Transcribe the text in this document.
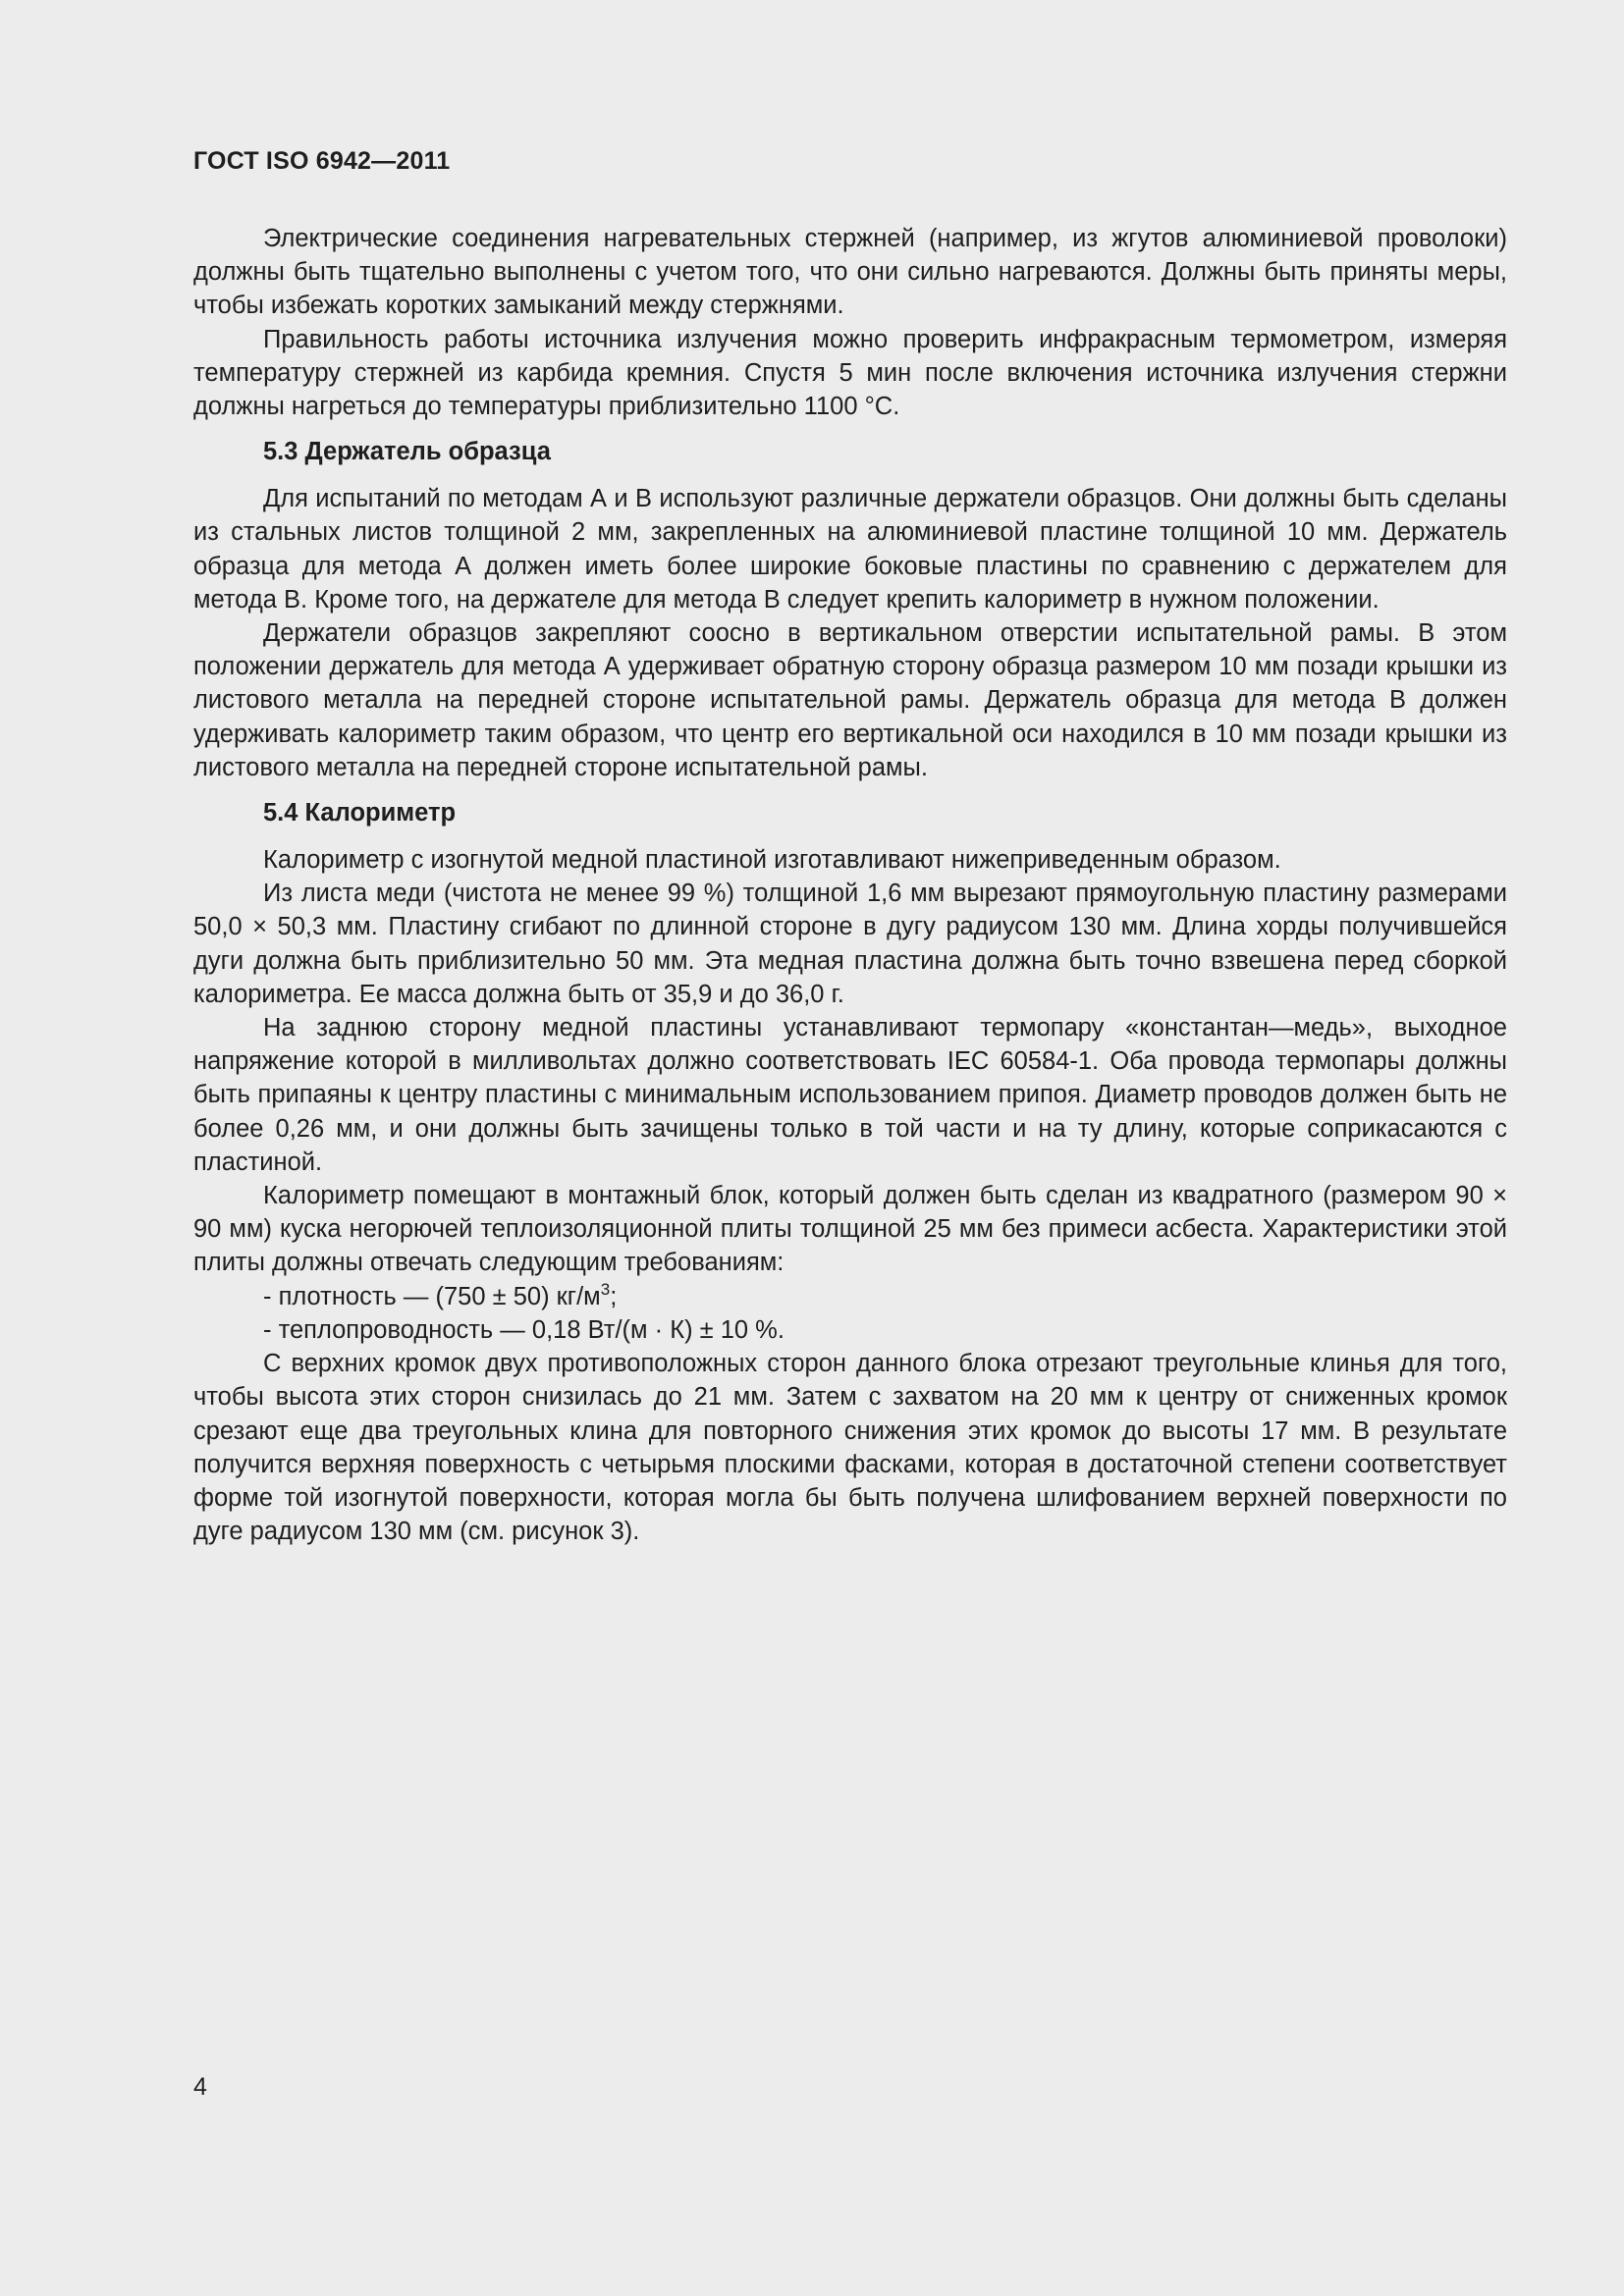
ГОСТ ISO 6942—2011

Электрические соединения нагревательных стержней (например, из жгутов алюминиевой проволоки) должны быть тщательно выполнены с учетом того, что они сильно нагреваются. Должны быть приняты меры, чтобы избежать коротких замыканий между стержнями.

Правильность работы источника излучения можно проверить инфракрасным термометром, измеряя температуру стержней из карбида кремния. Спустя 5 мин после включения источника излучения стержни должны нагреться до температуры приблизительно 1100 °С.

5.3 Держатель образца

Для испытаний по методам А и В используют различные держатели образцов. Они должны быть сделаны из стальных листов толщиной 2 мм, закрепленных на алюминиевой пластине толщиной 10 мм. Держатель образца для метода А должен иметь более широкие боковые пластины по сравнению с держателем для метода В. Кроме того, на держателе для метода В следует крепить калориметр в нужном положении.

Держатели образцов закрепляют соосно в вертикальном отверстии испытательной рамы. В этом положении держатель для метода А удерживает обратную сторону образца размером 10 мм позади крышки из листового металла на передней стороне испытательной рамы. Держатель образца для метода В должен удерживать калориметр таким образом, что центр его вертикальной оси находился в 10 мм позади крышки из листового металла на передней стороне испытательной рамы.

5.4 Калориметр

Калориметр с изогнутой медной пластиной изготавливают нижеприведенным образом.

Из листа меди (чистота не менее 99 %) толщиной 1,6 мм вырезают прямоугольную пластину размерами 50,0 × 50,3 мм. Пластину сгибают по длинной стороне в дугу радиусом 130 мм. Длина хорды получившейся дуги должна быть приблизительно 50 мм. Эта медная пластина должна быть точно взвешена перед сборкой калориметра. Ее масса должна быть от 35,9 и до 36,0 г.

На заднюю сторону медной пластины устанавливают термопару «константан—медь», выходное напряжение которой в милливольтах должно соответствовать IEC 60584-1. Оба провода термопары должны быть припаяны к центру пластины с минимальным использованием припоя. Диаметр проводов должен быть не более 0,26 мм, и они должны быть зачищены только в той части и на ту длину, которые соприкасаются с пластиной.

Калориметр помещают в монтажный блок, который должен быть сделан из квадратного (размером 90 × 90 мм) куска негорючей теплоизоляционной плиты толщиной 25 мм без примеси асбеста. Характеристики этой плиты должны отвечать следующим требованиям:

- плотность — (750 ± 50) $кг/м^3$;

- теплопроводность — 0,18 Вт/(м · К) ± 10 %.

С верхних кромок двух противоположных сторон данного блока отрезают треугольные клинья для того, чтобы высота этих сторон снизилась до 21 мм. Затем с захватом на 20 мм к центру от сниженных кромок срезают еще два треугольных клина для повторного снижения этих кромок до высоты 17 мм. В результате получится верхняя поверхность с четырьмя плоскими фасками, которая в достаточной степени соответствует форме той изогнутой поверхности, которая могла бы быть получена шлифованием верхней поверхности по дуге радиусом 130 мм (см. рисунок 3).

4
